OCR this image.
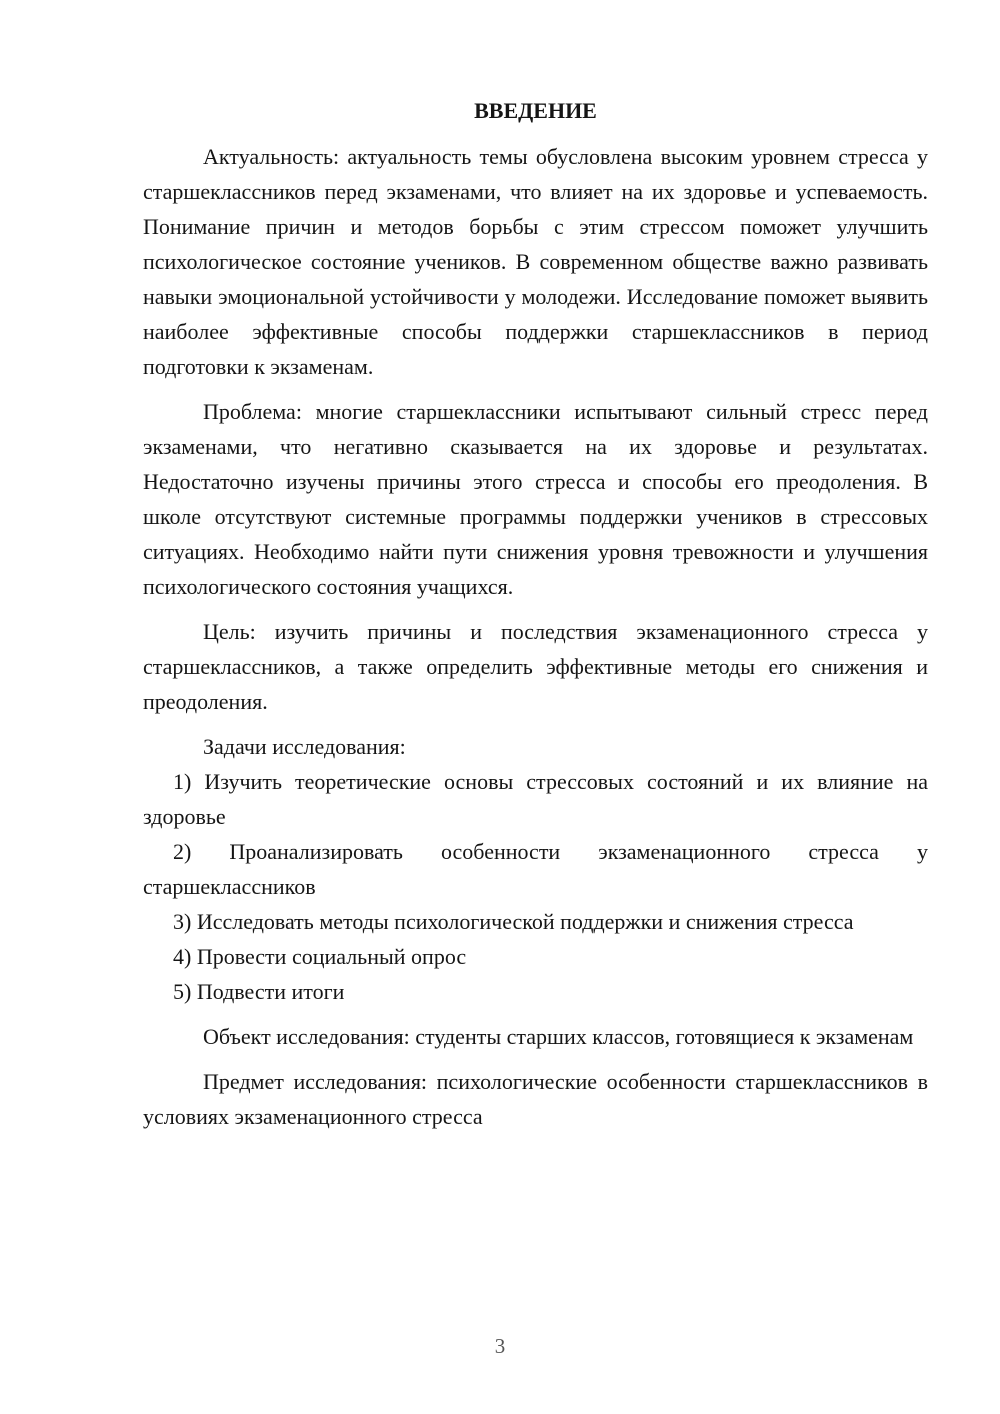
ВВЕДЕНИЕ

Актуальность: актуальность темы обусловлена высоким уровнем стресса у старшеклассников перед экзаменами, что влияет на их здоровье и успеваемость. Понимание причин и методов борьбы с этим стрессом поможет улучшить психологическое состояние учеников. В современном обществе важно развивать навыки эмоциональной устойчивости у молодежи. Исследование поможет выявить наиболее эффективные способы поддержки старшеклассников в период подготовки к экзаменам.

Проблема: многие старшеклассники испытывают сильный стресс перед экзаменами, что негативно сказывается на их здоровье и результатах. Недостаточно изучены причины этого стресса и способы его преодоления. В школе отсутствуют системные программы поддержки учеников в стрессовых ситуациях. Необходимо найти пути снижения уровня тревожности и улучшения психологического состояния учащихся.

Цель: изучить причины и последствия экзаменационного стресса у старшеклассников, а также определить эффективные методы его снижения и преодоления.

Задачи исследования:

1) Изучить теоретические основы стрессовых состояний и их влияние на здоровье

2) Проанализировать особенности экзаменационного стресса у старшеклассников

3) Исследовать методы психологической поддержки и снижения стресса

4) Провести социальный опрос

5) Подвести итоги

Объект исследования: студенты старших классов, готовящиеся к экзаменам

Предмет исследования: психологические особенности старшеклассников в условиях экзаменационного стресса

3
